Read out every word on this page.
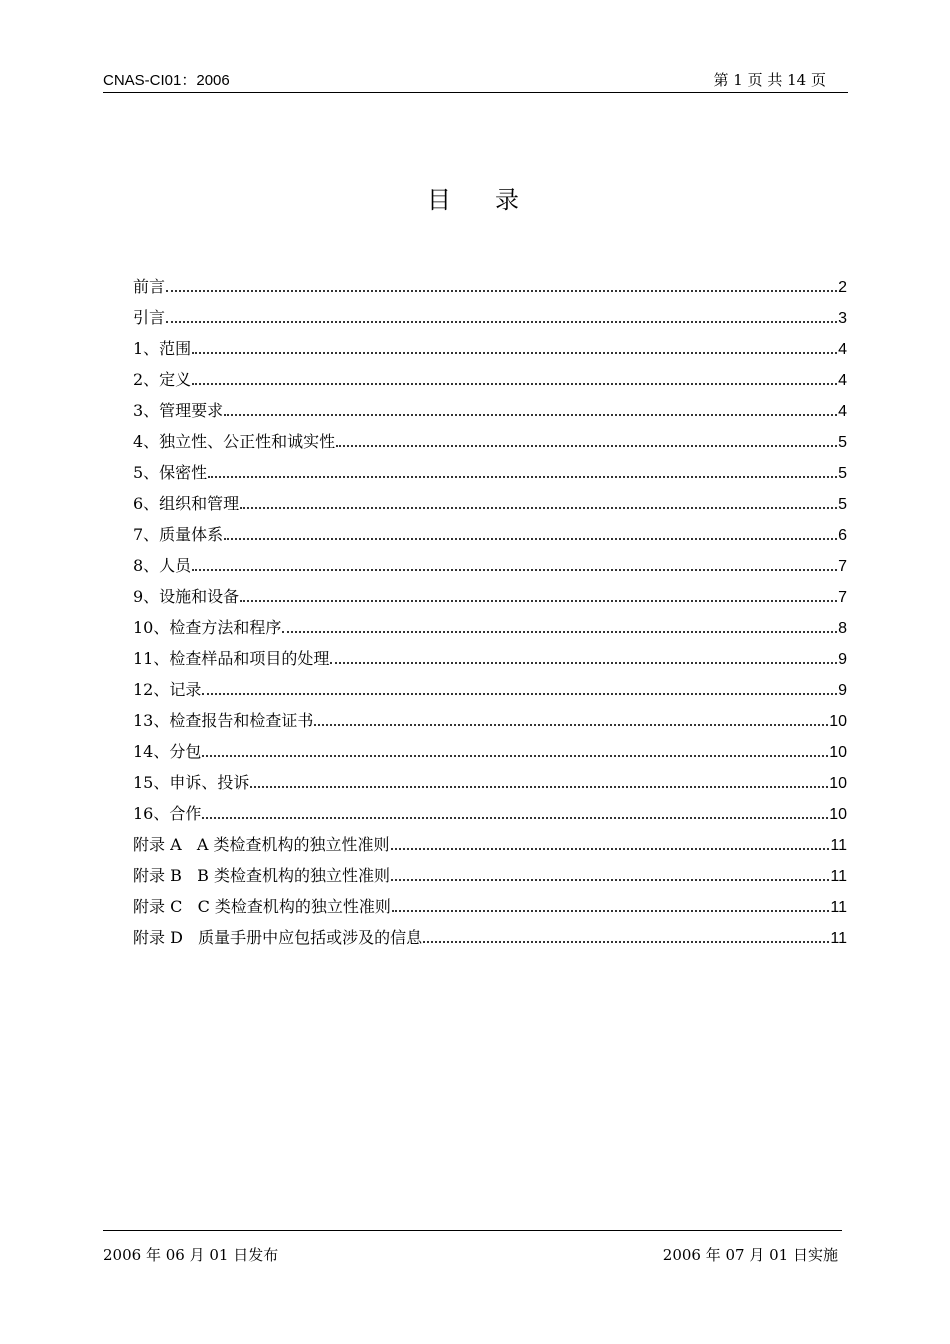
CNAS-CI01：2006	第 1 页 共 14 页
目录
前言	2
引言	3
1、范围	4
2、定义	4
3、管理要求	4
4、独立性、公正性和诚实性	5
5、保密性	5
6、组织和管理	5
7、质量体系	6
8、人员	7
9、设施和设备	7
10、检查方法和程序	8
11、检查样品和项目的处理	9
12、记录	9
13、检查报告和检查证书	10
14、分包	10
15、申诉、投诉	10
16、合作	10
附录 A   A 类检查机构的独立性准则	11
附录 B   B 类检查机构的独立性准则	11
附录 C   C 类检查机构的独立性准则	11
附录 D   质量手册中应包括或涉及的信息	11
2006 年 06 月 01 日发布	2006 年 07 月 01 日实施
